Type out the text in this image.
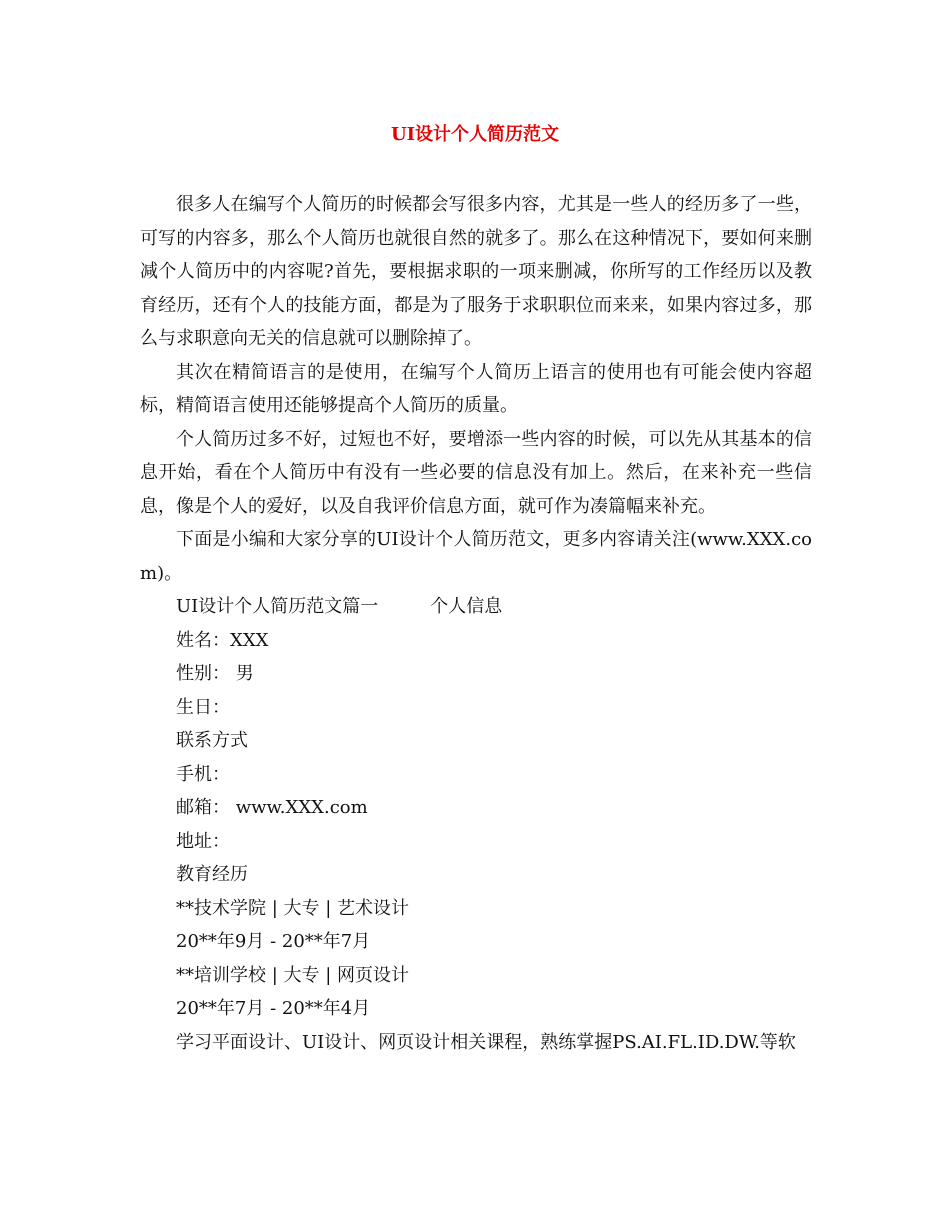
UI设计个人简历范文

很多人在编写个人简历的时候都会写很多内容，尤其是一些人的经历多了一些，可写的内容多，那么个人简历也就很自然的就多了。那么在这种情况下，要如何来删减个人简历中的内容呢?首先，要根据求职的一项来删减，你所写的工作经历以及教育经历，还有个人的技能方面，都是为了服务于求职职位而来来，如果内容过多，那么与求职意向无关的信息就可以删除掉了。

其次在精简语言的是使用，在编写个人简历上语言的使用也有可能会使内容超标，精简语言使用还能够提高个人简历的质量。

个人简历过多不好，过短也不好，要增添一些内容的时候，可以先从其基本的信息开始，看在个人简历中有没有一些必要的信息没有加上。然后，在来补充一些信息，像是个人的爱好，以及自我评价信息方面，就可作为凑篇幅来补充。

下面是小编和大家分享的UI设计个人简历范文，更多内容请关注(www.XXX.com)。

UI设计个人简历范文篇一	个人信息

姓名：XXX

性别： 男

生日：

联系方式

手机：

邮箱： www.XXX.com

地址：

教育经历

**技术学院 | 大专 | 艺术设计

20**年9月 - 20**年7月

**培训学校 | 大专 | 网页设计

20**年7月 - 20**年4月

学习平面设计、UI设计、网页设计相关课程，熟练掌握PS.AI.FL.ID.DW.等软
